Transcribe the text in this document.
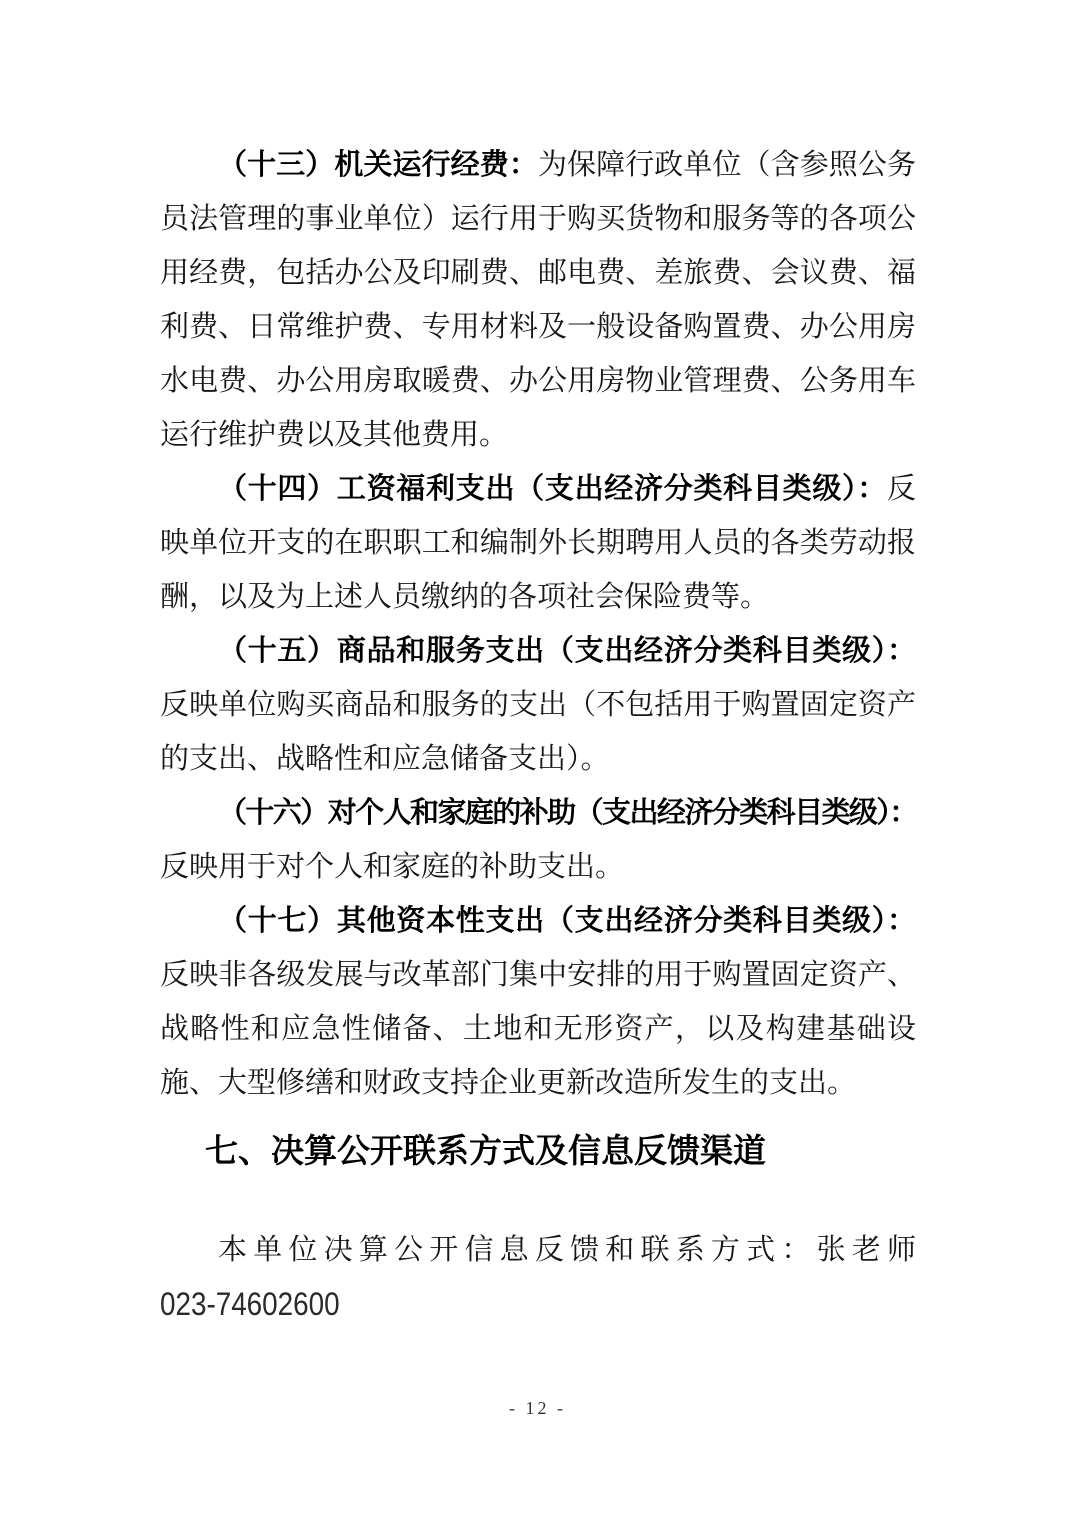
（十三）机关运行经费：为保障行政单位（含参照公务员法管理的事业单位）运行用于购买货物和服务等的各项公用经费，包括办公及印刷费、邮电费、差旅费、会议费、福利费、日常维护费、专用材料及一般设备购置费、办公用房水电费、办公用房取暖费、办公用房物业管理费、公务用车运行维护费以及其他费用。

（十四）工资福利支出（支出经济分类科目类级）：反映单位开支的在职职工和编制外长期聘用人员的各类劳动报酬，以及为上述人员缴纳的各项社会保险费等。

（十五）商品和服务支出（支出经济分类科目类级）：反映单位购买商品和服务的支出（不包括用于购置固定资产的支出、战略性和应急储备支出）。

（十六）对个人和家庭的补助（支出经济分类科目类级）：反映用于对个人和家庭的补助支出。

（十七）其他资本性支出（支出经济分类科目类级）：反映非各级发展与改革部门集中安排的用于购置固定资产、战略性和应急性储备、土地和无形资产，以及构建基础设施、大型修缮和财政支持企业更新改造所发生的支出。

七、决算公开联系方式及信息反馈渠道

本单位决算公开信息反馈和联系方式：张老师023-74602600

- 12 -
